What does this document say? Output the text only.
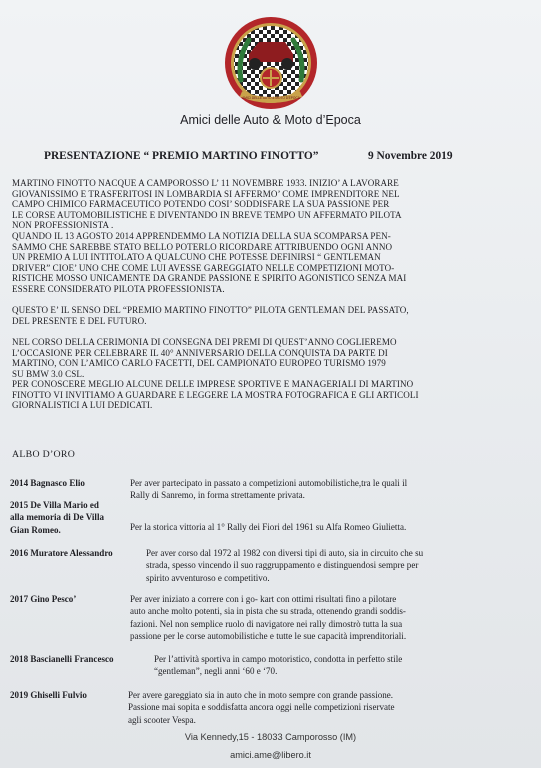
AMICI DELLE AUTO & MOTO D'EPOCA
Amici delle Auto & Moto d’Epoca
PRESENTAZIONE “ PREMIO MARTINO FINOTTO”	9 Novembre 2019

MARTINO FINOTTO NACQUE A CAMPOROSSO L’ 11 NOVEMBRE 1933. INIZIO’ A LAVORARE
GIOVANISSIMO E TRASFERITOSI IN LOMBARDIA SI AFFERMO’ COME IMPRENDITORE NEL
CAMPO CHIMICO FARMACEUTICO POTENDO COSI’ SODDISFARE LA SUA PASSIONE PER
LE CORSE AUTOMOBILISTICHE E DIVENTANDO IN BREVE TEMPO UN AFFERMATO PILOTA
NON PROFESSIONISTA .
QUANDO IL 13 AGOSTO 2014 APPRENDEMMO LA NOTIZIA DELLA SUA SCOMPARSA PEN-
SAMMO CHE SAREBBE STATO BELLO POTERLO RICORDARE ATTRIBUENDO OGNI ANNO
UN PREMIO A LUI INTITOLATO A QUALCUNO CHE POTESSE DEFINIRSI “ GENTLEMAN
DRIVER” CIOE’ UNO CHE COME LUI AVESSE GAREGGIATO NELLE COMPETIZIONI MOTO-
RISTICHE MOSSO UNICAMENTE DA GRANDE PASSIONE E SPIRITO AGONISTICO SENZA MAI
ESSERE CONSIDERATO PILOTA PROFESSIONISTA.

QUESTO E’ IL SENSO DEL “PREMIO MARTINO FINOTTO” PILOTA GENTLEMAN DEL PASSATO,
DEL PRESENTE E DEL FUTURO.

NEL CORSO DELLA CERIMONIA DI CONSEGNA DEI PREMI DI QUEST’ANNO COGLIEREMO
L’OCCASIONE PER CELEBRARE IL 40° ANNIVERSARIO DELLA CONQUISTA DA PARTE DI
MARTINO, CON L’AMICO CARLO FACETTI, DEL CAMPIONATO EUROPEO TURISMO 1979
SU BMW 3.0 CSL.
PER CONOSCERE MEGLIO ALCUNE DELLE IMPRESE SPORTIVE E MANAGERIALI DI MARTINO
FINOTTO VI INVITIAMO A GUARDARE E LEGGERE LA MOSTRA FOTOGRAFICA E GLI ARTICOLI
GIORNALISTICI A LUI DEDICATI.

ALBO D’ORO
2014 Bagnasco Elio	Per aver partecipato in passato a competizioni automobilistiche,tra le quali il
Rally di Sanremo, in forma strettamente privata.
2015 De Villa Mario ed
alla memoria di De Villa
Gian Romeo.	Per la storica vittoria al 1° Rally dei Fiori del 1961 su Alfa Romeo Giulietta.
2016 Muratore Alessandro	Per aver corso dal 1972 al 1982 con diversi tipi di auto, sia in circuito che su
strada, spesso vincendo il suo raggruppamento e distinguendosi sempre per
spirito avventuroso e competitivo.
2017 Gino Pesco’	Per aver iniziato a correre con i go- kart con ottimi risultati fino a pilotare
auto anche molto potenti, sia in pista che su strada, ottenendo grandi soddis-
fazioni. Nel non semplice ruolo di navigatore nei rally dimostrò tutta la sua
passione per le corse automobilistiche e tutte le sue capacità imprenditoriali.
2018 Bascianelli Francesco	Per l’attività sportiva in campo motoristico, condotta in perfetto stile
“gentleman”, negli anni ‘60 e ‘70.
2019 Ghiselli Fulvio	Per avere gareggiato sia in auto che in moto sempre con grande passione.
Passione mai sopita e soddisfatta ancora oggi nelle competizioni riservate
agli scooter Vespa.
Via Kennedy,15 - 18033 Camporosso (IM)
amici.ame@libero.it
